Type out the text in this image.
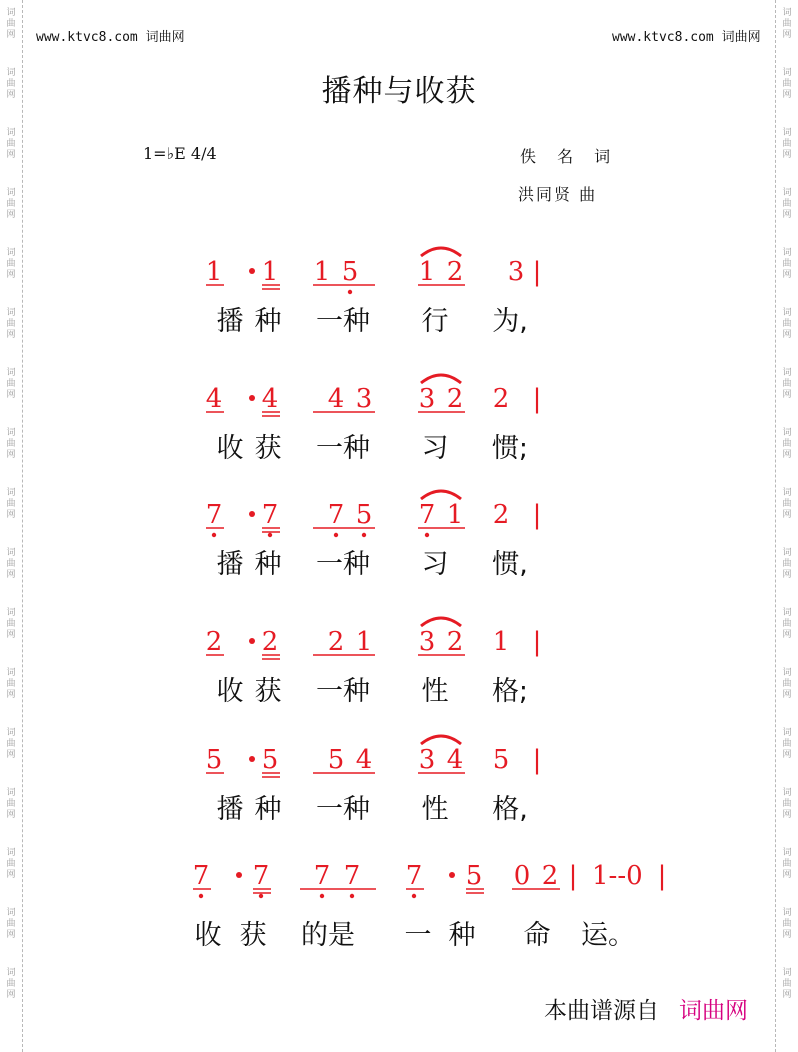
词
曲
网
词
曲
网
词
曲
网
词
曲
网
词
曲
网
词
曲
网
词
曲
网
词
曲
网
词
曲
网
词
曲
网
词
曲
网
词
曲
网
词
曲
网
词
曲
网
词
曲
网
词
曲
网
词
曲
网
词
曲
网
词
曲
网
词
曲
网
词
曲
网
词
曲
网
词
曲
网
词
曲
网
词
曲
网
词
曲
网
词
曲
网
词
曲
网
词
曲
网
词
曲
网
词
曲
网
词
曲
网
词
曲
网
词
曲
网
www.ktvc8.com 词曲网	www.ktvc8.com 词曲网
播种与收获
1=♭E 4/4	佚 名 词
洪同贤 曲
1 1 1 5 1 2 3 |
播 种 一种 行 为,
4 4 4 3 3 2 2 |
收 获 一种 习 惯;
7 7 7 5 7 1 2 |
播 种 一种 习 惯,
2 2 2 1 3 2 1 |
收 获 一种 性 格;
5 5 5 4 3 4 5 |
播 种 一种 性 格,
7 7 7 7 7 5 0 2 1--0
|	|
收 获 的是 一 种 命 运。
本曲谱源自 词曲网
